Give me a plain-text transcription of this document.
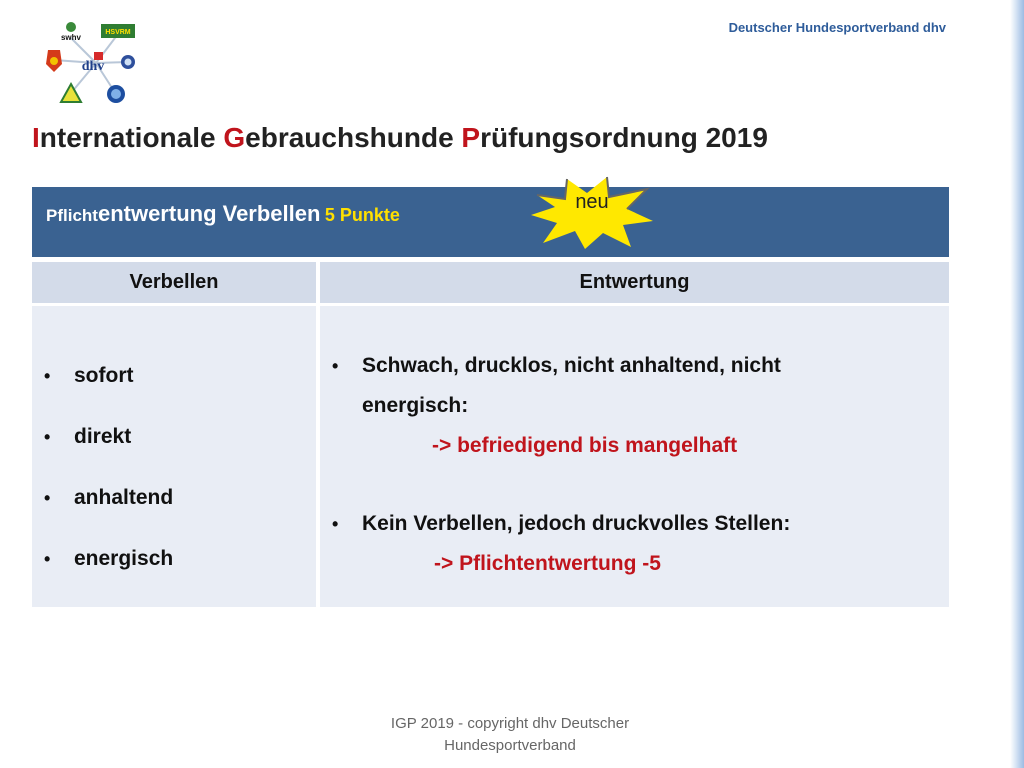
swhv
HSVRM
dhv
Deutscher Hundesportverband dhv
Internationale Gebrauchshunde Prüfungsordnung 2019
Pflichtentwertung Verbellen 5 Punkte
neu
Verbellen	Entwertung
• sofort
• direkt
• anhaltend
• energisch
• Schwach, drucklos, nicht anhaltend, nicht
energisch:
-> befriedigend bis mangelhaft
• Kein Verbellen, jedoch druckvolles Stellen:
-> Pflichtentwertung -5
IGP 2019 - copyright dhv Deutscher
Hundesportverband
